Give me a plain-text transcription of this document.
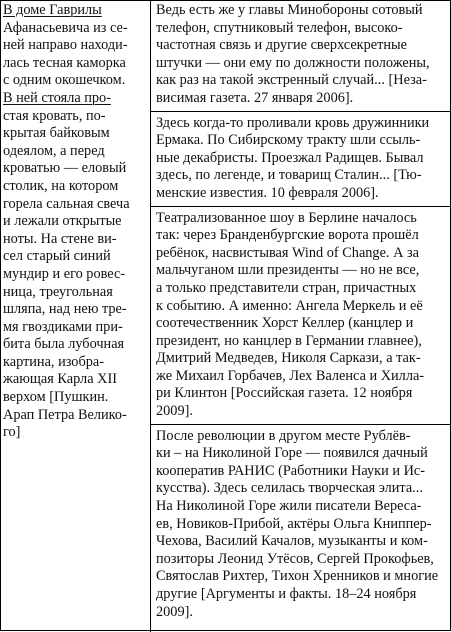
В доме Гаврилы
Афанасьевича из се-
ней направо находи-
лась тесная каморка
с одним окошечком.
В ней стояла про-
стая кровать, по-
крытая байковым
одеялом, а перед
кроватью — еловый
столик, на котором
горела сальная свеча
и лежали открытые
ноты. На стене ви-
сел старый синий
мундир и его ровес-
ница, треугольная
шляпа, над нею тре-
мя гвоздиками при-
бита была лубочная
картина, изобра-
жающая Карла XII
верхом [Пушкин.
Арап Петра Велико-
го]
Ведь есть же у главы Минобороны сотовый
телефон, спутниковый телефон, высоко-
частотная связь и другие сверхсекретные
штучки — они ему по должности положены,
как раз на такой экстренный случай... [Неза-
висимая газета. 27 января 2006].
Здесь когда-то проливали кровь дружинники
Ермака. По Сибирскому тракту шли ссыль-
ные декабристы. Проезжал Радищев. Бывал
здесь, по легенде, и товарищ Сталин... [Тю-
менские известия. 10 февраля 2006].
Театрализованное шоу в Берлине началось
так: через Бранденбургские ворота прошёл
ребёнок, насвистывая Wind of Change. А за
мальчуганом шли президенты — но не все,
а только представители стран, причастных
к событию. А именно: Ангела Меркель и её
соотечественник Хорст Келлер (канцлер и
президент, но канцлер в Германии главнее),
Дмитрий Медведев, Николя Саркази, а так-
же Михаил Горбачев, Лех Валенса и Хилла-
ри Клинтон [Российская газета. 12 ноября
2009].
После революции в другом месте Рублёв-
ки – на Николиной Горе — появился дачный
кооператив РАНИС (Работники Науки и Ис-
кусства). Здесь селилась творческая элита...
На Николиной Горе жили писатели Вереса-
ев, Новиков-Прибой, актёры Ольга Книппер-
Чехова, Василий Качалов, музыканты и ком-
позиторы Леонид Утёсов, Сергей Прокофьев,
Святослав Рихтер, Тихон Хренников и многие
другие [Аргументы и факты. 18–24 ноября
2009].
